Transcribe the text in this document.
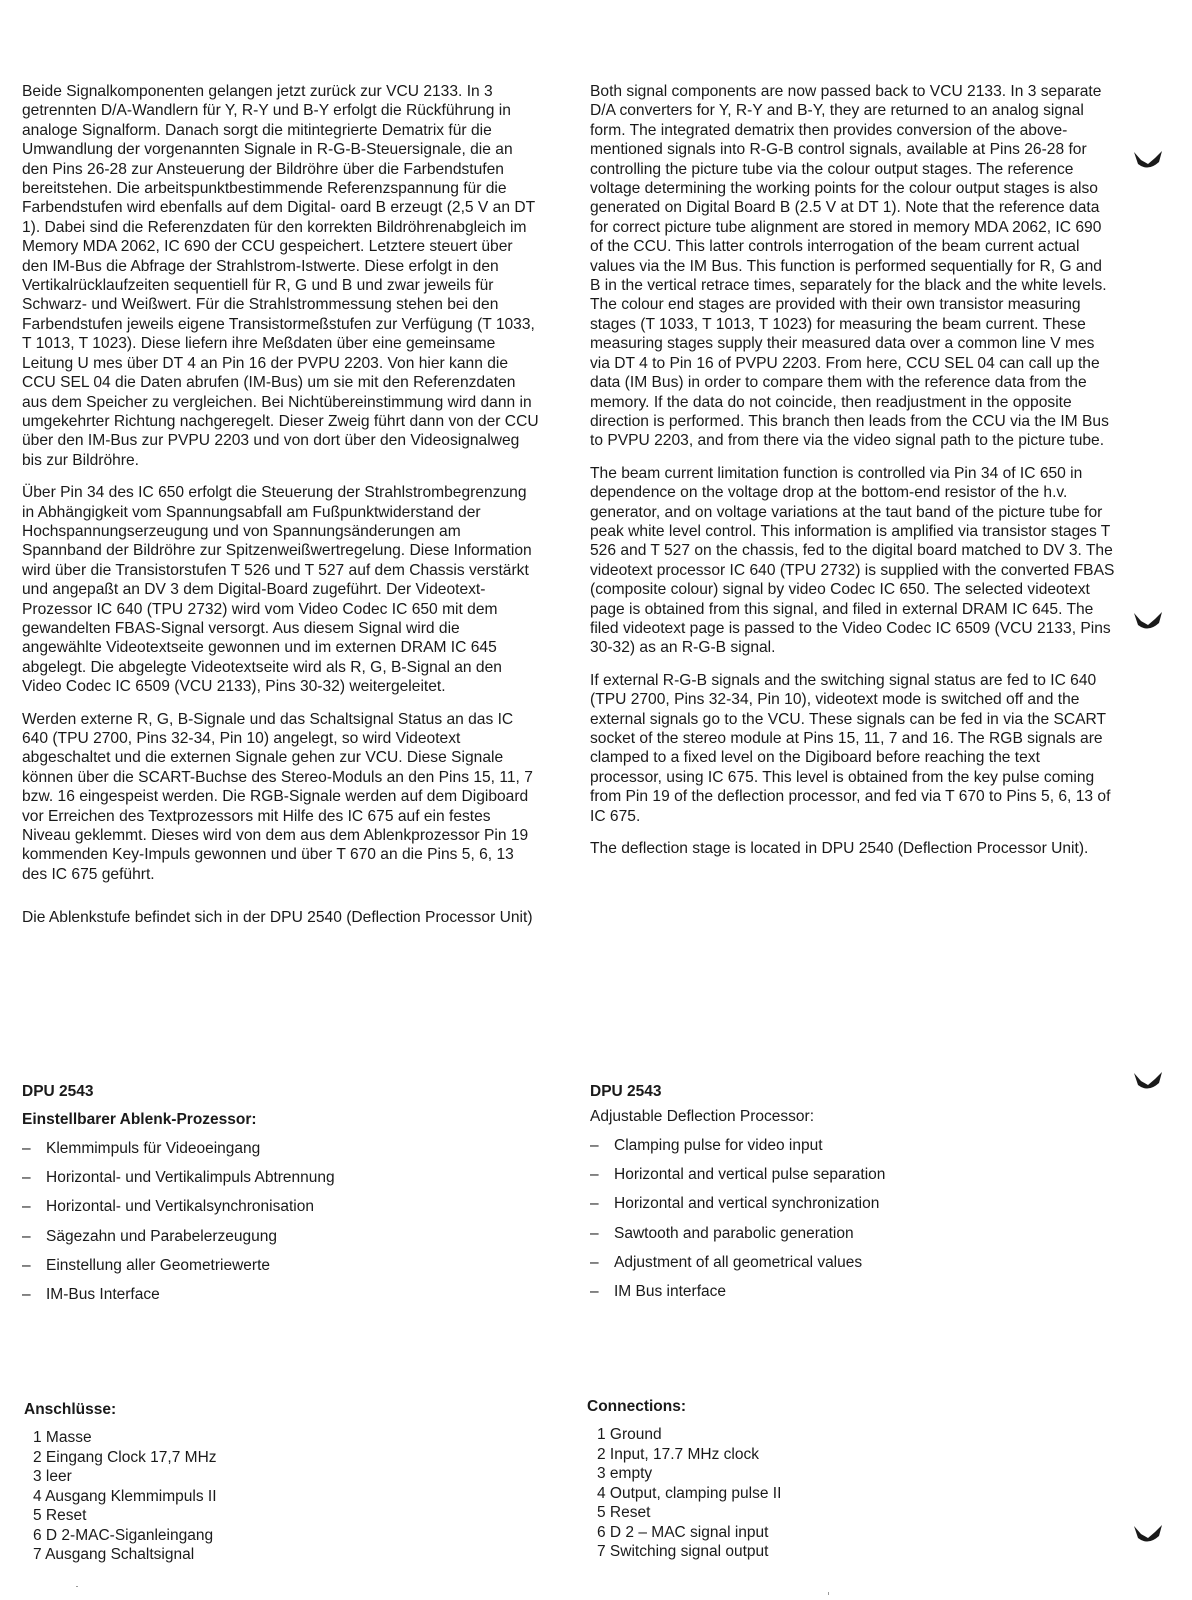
Beide Signalkomponenten gelangen jetzt zurück zur VCU 2133. In 3 getrennten D/A-Wandlern für Y, R-Y und B-Y erfolgt die Rückführung in analoge Signalform. Danach sorgt die mitintegrierte Dematrix für die Umwandlung der vorgenannten Signale in R-G-B-Steuersignale, die an den Pins 26-28 zur Ansteuerung der Bildröhre über die Farbendstufen bereitstehen. Die arbeitspunktbestimmende Referenzspannung für die Farbendstufen wird ebenfalls auf dem Digital- oard B erzeugt (2,5 V an DT 1). Dabei sind die Referenzdaten für den korrekten Bildröhrenabgleich im Memory MDA 2062, IC 690 der CCU gespeichert. Letztere steuert über den IM-Bus die Abfrage der Strahlstrom-Istwerte. Diese erfolgt in den Vertikalrücklaufzeiten sequentiell für R, G und B und zwar jeweils für Schwarz- und Weißwert. Für die Strahlstrommessung stehen bei den Farbendstufen jeweils eigene Transistormeßstufen zur Verfügung (T 1033, T 1013, T 1023). Diese liefern ihre Meßdaten über eine gemeinsame Leitung U mes über DT 4 an Pin 16 der PVPU 2203. Von hier kann die CCU SEL 04 die Daten abrufen (IM-Bus) um sie mit den Referenzdaten aus dem Speicher zu vergleichen. Bei Nichtübereinstimmung wird dann in umgekehrter Richtung nachgeregelt. Dieser Zweig führt dann von der CCU über den IM-Bus zur PVPU 2203 und von dort über den Videosignalweg bis zur Bildröhre.

Über Pin 34 des IC 650 erfolgt die Steuerung der Strahlstrombegrenzung in Abhängigkeit vom Spannungsabfall am Fußpunktwiderstand der Hochspannungserzeugung und von Spannungsänderungen am Spannband der Bildröhre zur Spitzenweißwertregelung. Diese Information wird über die Transistorstufen T 526 und T 527 auf dem Chassis verstärkt und angepaßt an DV 3 dem Digital-Board zugeführt. Der Videotext-Prozessor IC 640 (TPU 2732) wird vom Video Codec IC 650 mit dem gewandelten FBAS-Signal versorgt. Aus diesem Signal wird die angewählte Videotextseite gewonnen und im externen DRAM IC 645 abgelegt. Die abgelegte Videotextseite wird als R, G, B-Signal an den Video Codec IC 6509 (VCU 2133), Pins 30-32) weitergeleitet.

Werden externe R, G, B-Signale und das Schaltsignal Status an das IC 640 (TPU 2700, Pins 32-34, Pin 10) angelegt, so wird Videotext abgeschaltet und die externen Signale gehen zur VCU. Diese Signale können über die SCART-Buchse des Stereo-Moduls an den Pins 15, 11, 7 bzw. 16 eingespeist werden. Die RGB-Signale werden auf dem Digiboard vor Erreichen des Textprozessors mit Hilfe des IC 675 auf ein festes Niveau geklemmt. Dieses wird von dem aus dem Ablenkprozessor Pin 19 kommenden Key-Impuls gewonnen und über T 670 an die Pins 5, 6, 13 des IC 675 geführt.

Die Ablenkstufe befindet sich in der DPU 2540 (Deflection Processor Unit)

Both signal components are now passed back to VCU 2133. In 3 separate D/A converters for Y, R-Y and B-Y, they are returned to an analog signal form. The integrated dematrix then provides conversion of the above-mentioned signals into R-G-B control signals, available at Pins 26-28 for controlling the picture tube via the colour output stages. The reference voltage determining the working points for the colour output stages is also generated on Digital Board B (2.5 V at DT 1). Note that the reference data for correct picture tube alignment are stored in memory MDA 2062, IC 690 of the CCU. This latter controls interrogation of the beam current actual values via the IM Bus. This function is performed sequentially for R, G and B in the vertical retrace times, separately for the black and the white levels. The colour end stages are provided with their own transistor measuring stages (T 1033, T 1013, T 1023) for measuring the beam current. These measuring stages supply their measured data over a common line V mes via DT 4 to Pin 16 of PVPU 2203. From here, CCU SEL 04 can call up the data (IM Bus) in order to compare them with the reference data from the memory. If the data do not coincide, then readjustment in the opposite direction is performed. This branch then leads from the CCU via the IM Bus to PVPU 2203, and from there via the video signal path to the picture tube.

The beam current limitation function is controlled via Pin 34 of IC 650 in dependence on the voltage drop at the bottom-end resistor of the h.v. generator, and on voltage variations at the taut band of the picture tube for peak white level control. This information is amplified via transistor stages T 526 and T 527 on the chassis, fed to the digital board matched to DV 3. The videotext processor IC 640 (TPU 2732) is supplied with the converted FBAS (composite colour) signal by video Codec IC 650. The selected videotext page is obtained from this signal, and filed in external DRAM IC 645. The filed videotext page is passed to the Video Codec IC 6509 (VCU 2133, Pins 30-32) as an R-G-B signal.

If external R-G-B signals and the switching signal status are fed to IC 640 (TPU 2700, Pins 32-34, Pin 10), videotext mode is switched off and the external signals go to the VCU. These signals can be fed in via the SCART socket of the stereo module at Pins 15, 11, 7 and 16. The RGB signals are clamped to a fixed level on the Digiboard before reaching the text processor, using IC 675. This level is obtained from the key pulse coming from Pin 19 of the deflection processor, and fed via T 670 to Pins 5, 6, 13 of IC 675.

The deflection stage is located in DPU 2540 (Deflection Processor Unit).

DPU 2543	DPU 2543
Einstellbarer Ablenk-Prozessor:	Adjustable Deflection Processor:
– Klemmimpuls für Videoeingang
– Horizontal- und Vertikalimpuls Abtrennung
– Horizontal- und Vertikalsynchronisation
– Sägezahn und Parabelerzeugung
– Einstellung aller Geometriewerte
– IM-Bus Interface
– Clamping pulse for video input
– Horizontal and vertical pulse separation
– Horizontal and vertical synchronization
– Sawtooth and parabolic generation
– Adjustment of all geometrical values
– IM Bus interface
Anschlüsse:	Connections:
1 Masse
2 Eingang Clock 17,7 MHz
3 leer
4 Ausgang Klemmimpuls II
5 Reset
6 D 2-MAC-Siganleingang
7 Ausgang Schaltsignal
1 Ground
2 Input, 17.7 MHz clock
3 empty
4 Output, clamping pulse II
5 Reset
6 D 2 – MAC signal input
7 Switching signal output
